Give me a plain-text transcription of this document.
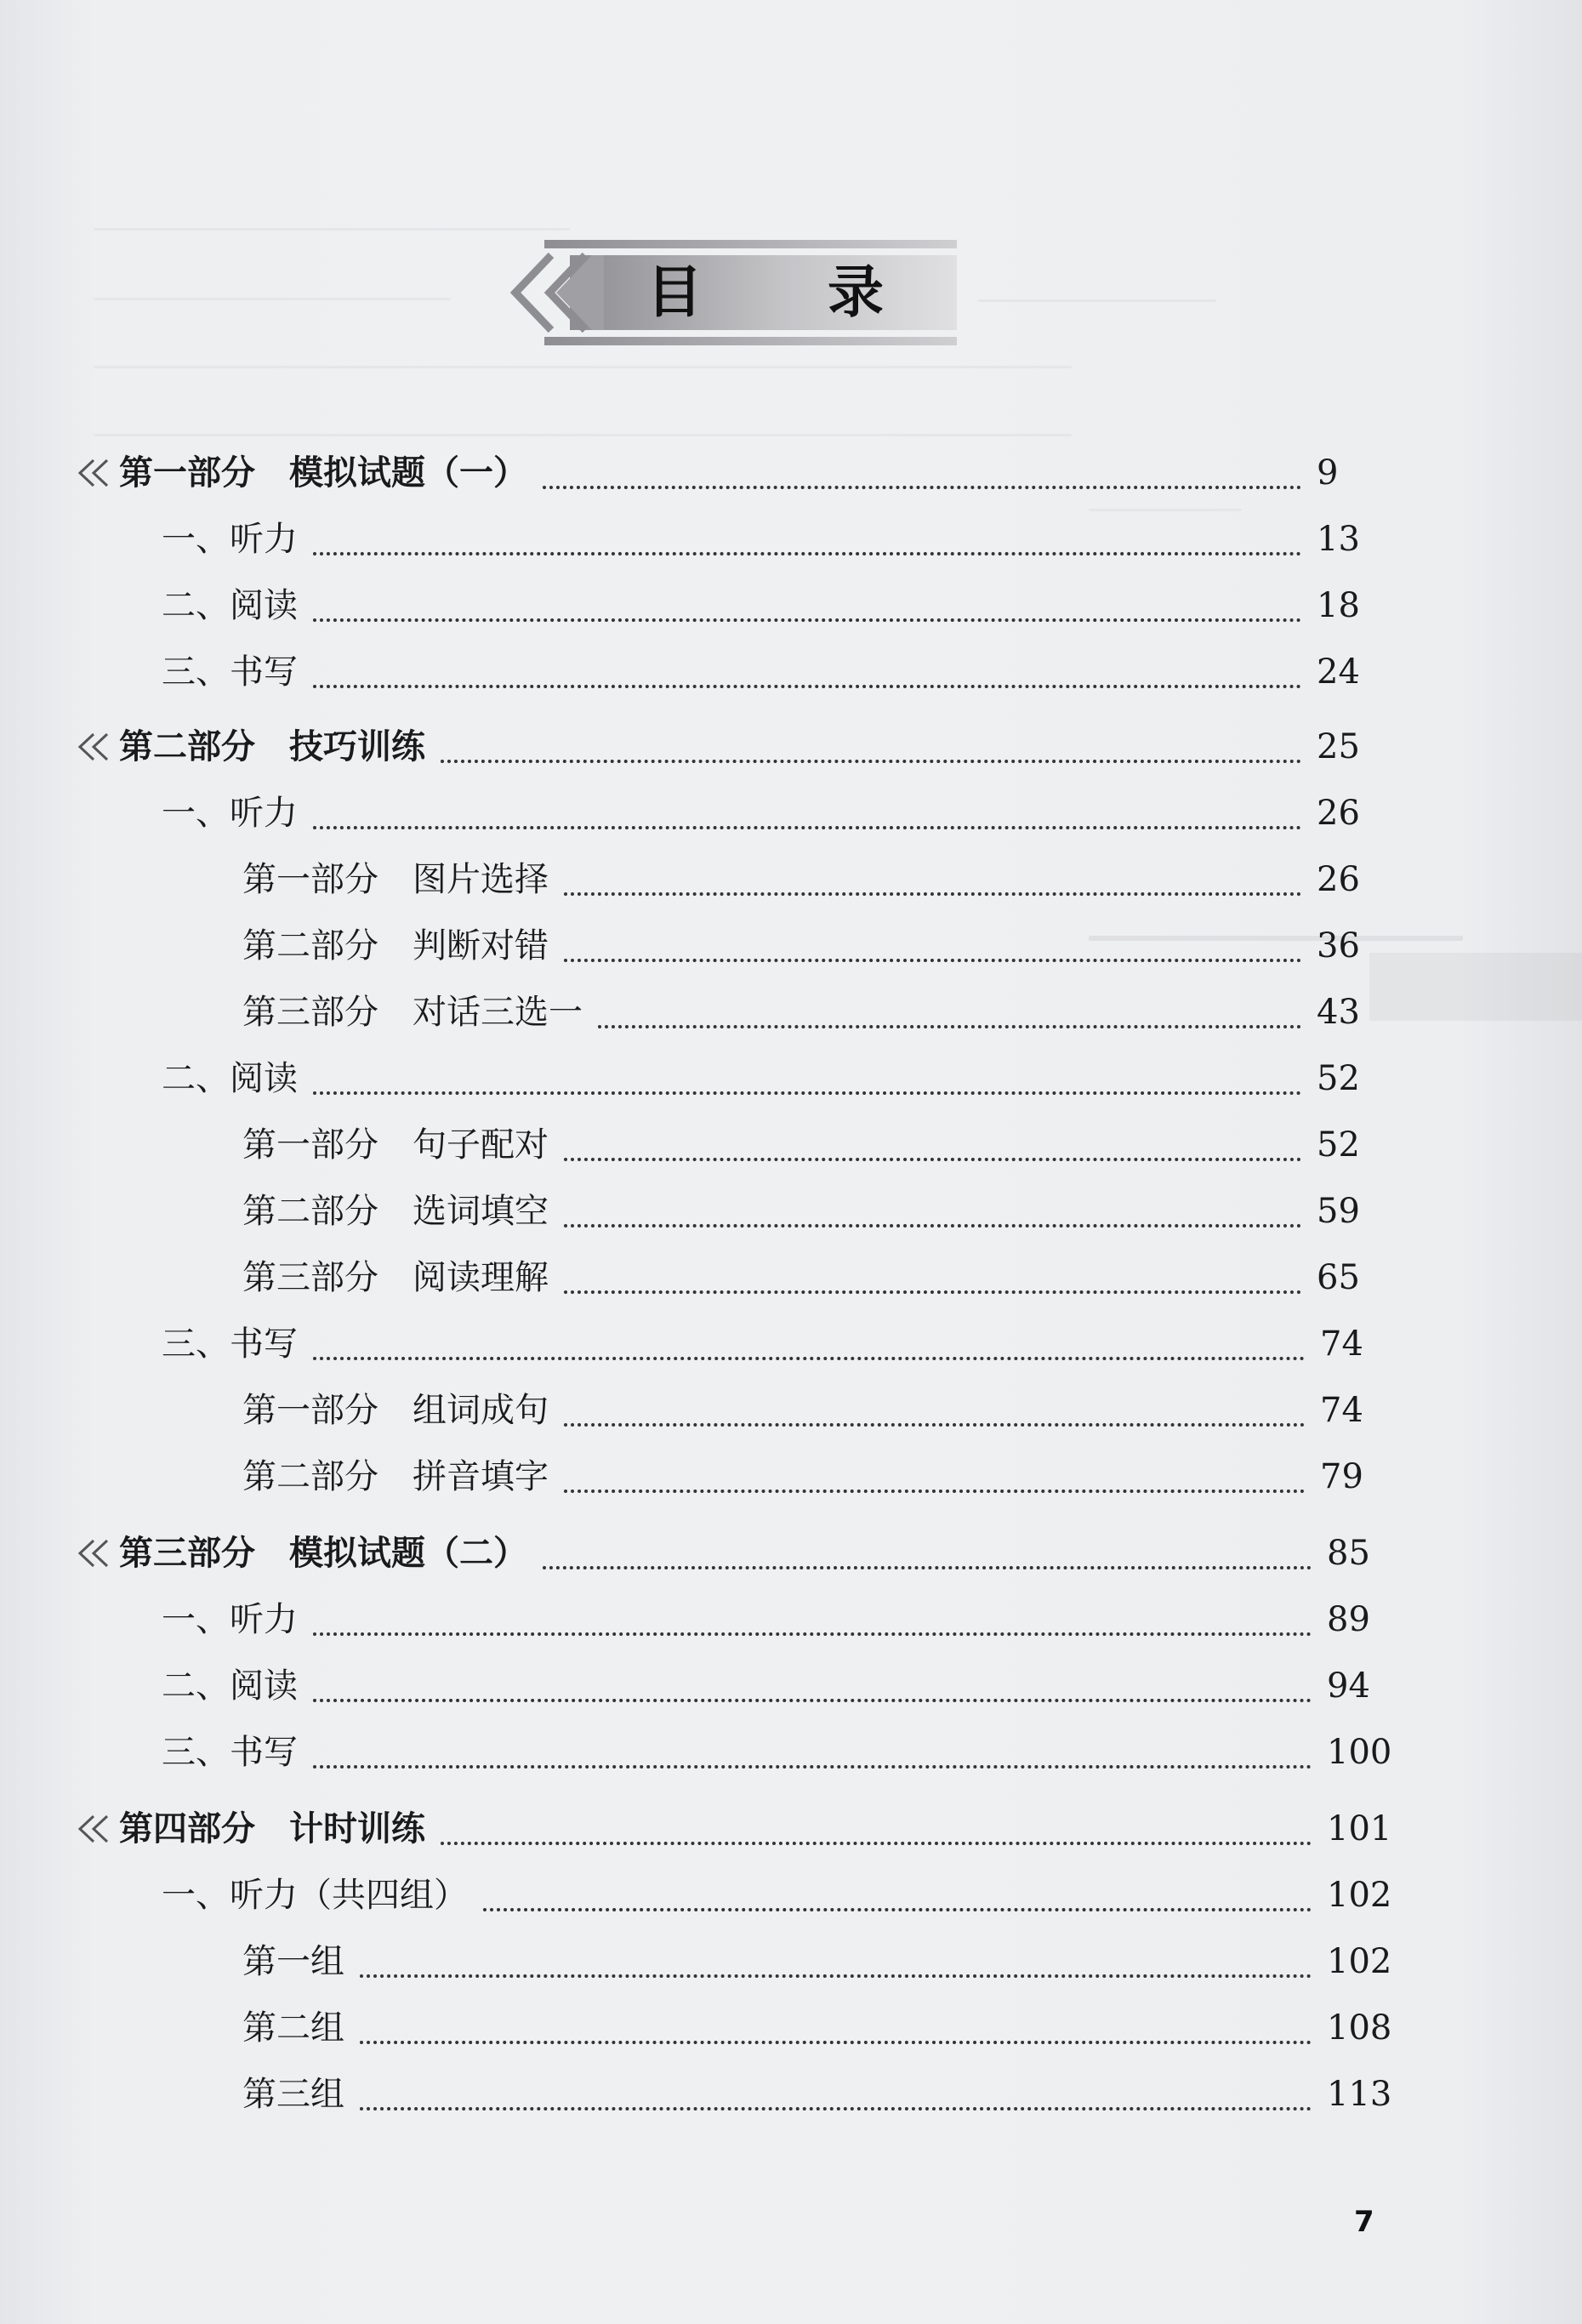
目 录
第一部分　模拟试题（一）	9
一、听力	13
二、阅读	18
三、书写	24
第二部分　技巧训练	25
一、听力	26
第一部分　图片选择	26
第二部分　判断对错	36
第三部分　对话三选一	43
二、阅读	52
第一部分　句子配对	52
第二部分　选词填空	59
第三部分　阅读理解	65
三、书写	74
第一部分　组词成句	74
第二部分　拼音填字	79
第三部分　模拟试题（二）	85
一、听力	89
二、阅读	94
三、书写	100
第四部分　计时训练	101
一、听力（共四组）	102
第一组	102
第二组	108
第三组	113
7
